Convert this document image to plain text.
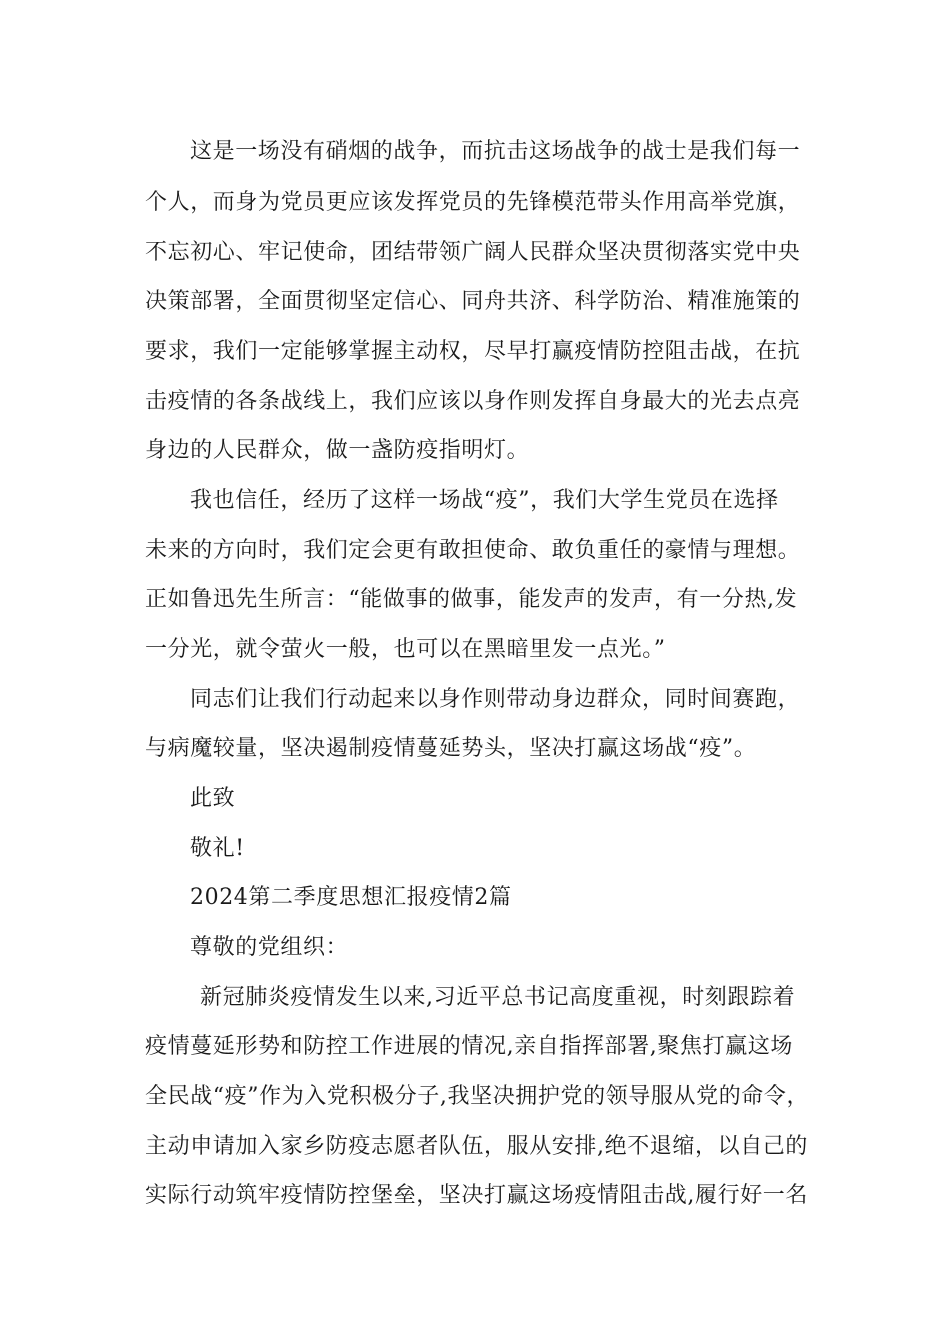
这是一场没有硝烟的战争，而抗击这场战争的战士是我们每一
个人，而身为党员更应该发挥党员的先锋模范带头作用高举党旗，
不忘初心、牢记使命，团结带领广阔人民群众坚决贯彻落实党中央
决策部署，全面贯彻坚定信心、同舟共济、科学防治、精准施策的
要求，我们一定能够掌握主动权，尽早打赢疫情防控阻击战，在抗
击疫情的各条战线上，我们应该以身作则发挥自身最大的光去点亮
身边的人民群众，做一盏防疫指明灯。
我也信任，经历了这样一场战“疫”，我们大学生党员在选择
未来的方向时，我们定会更有敢担使命、敢负重任的豪情与理想。
正如鲁迅先生所言：“能做事的做事，能发声的发声，有一分热,发
一分光，就令萤火一般，也可以在黑暗里发一点光。”
同志们让我们行动起来以身作则带动身边群众，同时间赛跑，
与病魔较量，坚决遏制疫情蔓延势头，坚决打赢这场战“疫”。
此致
敬礼!
2024第二季度思想汇报疫情2篇
尊敬的党组织：
新冠肺炎疫情发生以来,习近平总书记高度重视，时刻跟踪着
疫情蔓延形势和防控工作进展的情况,亲自指挥部署,聚焦打赢这场
全民战“疫”作为入党积极分子,我坚决拥护党的领导服从党的命令，
主动申请加入家乡防疫志愿者队伍，服从安排,绝不退缩，以自己的
实际行动筑牢疫情防控堡垒，坚决打赢这场疫情阻击战,履行好一名
